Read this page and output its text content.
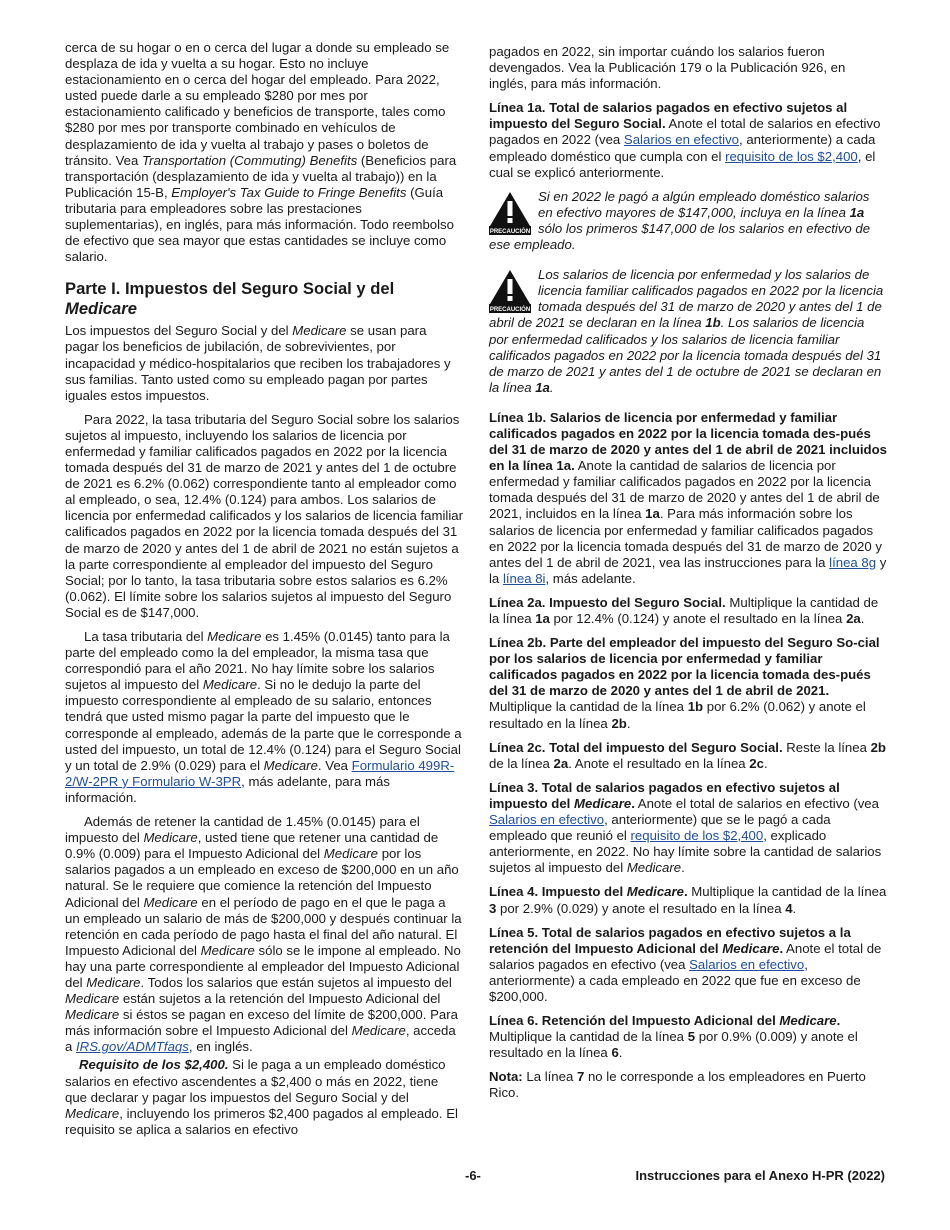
cerca de su hogar o en o cerca del lugar a donde su empleado se desplaza de ida y vuelta a su hogar. Esto no incluye estacionamiento en o cerca del hogar del empleado. Para 2022, usted puede darle a su empleado $280 por mes por estacionamiento calificado y beneficios de transporte, tales como $280 por mes por transporte combinado en vehículos de desplazamiento de ida y vuelta al trabajo y pases o boletos de tránsito. Vea Transportation (Commuting) Benefits (Beneficios para transportación (desplazamiento de ida y vuelta al trabajo)) en la Publicación 15-B, Employer's Tax Guide to Fringe Benefits (Guía tributaria para empleadores sobre las prestaciones suplementarias), en inglés, para más información. Todo reembolso de efectivo que sea mayor que estas cantidades se incluye como salario.

Parte I. Impuestos del Seguro Social y del Medicare

Los impuestos del Seguro Social y del Medicare se usan para pagar los beneficios de jubilación, de sobrevivientes, por incapacidad y médico-hospitalarios que reciben los trabajadores y sus familias. Tanto usted como su empleado pagan por partes iguales estos impuestos.

Para 2022, la tasa tributaria del Seguro Social sobre los salarios sujetos al impuesto, incluyendo los salarios de licencia por enfermedad y familiar calificados pagados en 2022 por la licencia tomada después del 31 de marzo de 2021 y antes del 1 de octubre de 2021 es 6.2% (0.062) correspondiente tanto al empleador como al empleado, o sea, 12.4% (0.124) para ambos. Los salarios de licencia por enfermedad calificados y los salarios de licencia familiar calificados pagados en 2022 por la licencia tomada después del 31 de marzo de 2020 y antes del 1 de abril de 2021 no están sujetos a la parte correspondiente al empleador del impuesto del Seguro Social; por lo tanto, la tasa tributaria sobre estos salarios es 6.2% (0.062). El límite sobre los salarios sujetos al impuesto del Seguro Social es de $147,000.

La tasa tributaria del Medicare es 1.45% (0.0145) tanto para la parte del empleado como la del empleador, la misma tasa que correspondió para el año 2021. No hay límite sobre los salarios sujetos al impuesto del Medicare. Si no le dedujo la parte del impuesto correspondiente al empleado de su salario, entonces tendrá que usted mismo pagar la parte del impuesto que le corresponde al empleado, además de la parte que le corresponde a usted del impuesto, un total de 12.4% (0.124) para el Seguro Social y un total de 2.9% (0.029) para el Medicare. Vea Formulario 499R-2/W-2PR y Formulario W-3PR, más adelante, para más información.

Además de retener la cantidad de 1.45% (0.0145) para el impuesto del Medicare, usted tiene que retener una cantidad de 0.9% (0.009) para el Impuesto Adicional del Medicare por los salarios pagados a un empleado en exceso de $200,000 en un año natural. Se le requiere que comience la retención del Impuesto Adicional del Medicare en el período de pago en el que le paga a un empleado un salario de más de $200,000 y después continuar la retención en cada período de pago hasta el final del año natural. El Impuesto Adicional del Medicare sólo se le impone al empleado. No hay una parte correspondiente al empleador del Impuesto Adicional del Medicare. Todos los salarios que están sujetos al impuesto del Medicare están sujetos a la retención del Impuesto Adicional del Medicare si éstos se pagan en exceso del límite de $200,000. Para más información sobre el Impuesto Adicional del Medicare, acceda a IRS.gov/ADMTfaqs, en inglés.

Requisito de los $2,400. Si le paga a un empleado doméstico salarios en efectivo ascendentes a $2,400 o más en 2022, tiene que declarar y pagar los impuestos del Seguro Social y del Medicare, incluyendo los primeros $2,400 pagados al empleado. El requisito se aplica a salarios en efectivo

pagados en 2022, sin importar cuándo los salarios fueron devengados. Vea la Publicación 179 o la Publicación 926, en inglés, para más información.

Línea 1a. Total de salarios pagados en efectivo sujetos al impuesto del Seguro Social. Anote el total de salarios en efectivo pagados en 2022 (vea Salarios en efectivo, anteriormente) a cada empleado doméstico que cumpla con el requisito de los $2,400, el cual se explicó anteriormente.

PRECAUCIÓN
Si en 2022 le pagó a algún empleado doméstico salarios en efectivo mayores de $147,000, incluya en la línea 1a sólo los primeros $147,000 de los salarios en efectivo de ese empleado.
PRECAUCIÓN
Los salarios de licencia por enfermedad y los salarios de licencia familiar calificados pagados en 2022 por la licencia tomada después del 31 de marzo de 2020 y antes del 1 de abril de 2021 se declaran en la línea 1b. Los salarios de licencia por enfermedad calificados y los salarios de licencia familiar calificados pagados en 2022 por la licencia tomada después del 31 de marzo de 2021 y antes del 1 de octubre de 2021 se declaran en la línea 1a.

Línea 1b. Salarios de licencia por enfermedad y familiar calificados pagados en 2022 por la licencia tomada des-pués del 31 de marzo de 2020 y antes del 1 de abril de 2021 incluidos en la línea 1a. Anote la cantidad de salarios de licencia por enfermedad y familiar calificados pagados en 2022 por la licencia tomada después del 31 de marzo de 2020 y antes del 1 de abril de 2021, incluidos en la línea 1a. Para más información sobre los salarios de licencia por enfermedad y familiar calificados pagados en 2022 por la licencia tomada después del 31 de marzo de 2020 y antes del 1 de abril de 2021, vea las instrucciones para la línea 8g y la línea 8i, más adelante.

Línea 2a. Impuesto del Seguro Social. Multiplique la cantidad de la línea 1a por 12.4% (0.124) y anote el resultado en la línea 2a.

Línea 2b. Parte del empleador del impuesto del Seguro So-cial por los salarios de licencia por enfermedad y familiar calificados pagados en 2022 por la licencia tomada des-pués del 31 de marzo de 2020 y antes del 1 de abril de 2021. Multiplique la cantidad de la línea 1b por 6.2% (0.062) y anote el resultado en la línea 2b.

Línea 2c. Total del impuesto del Seguro Social. Reste la línea 2b de la línea 2a. Anote el resultado en la línea 2c.

Línea 3. Total de salarios pagados en efectivo sujetos al impuesto del Medicare. Anote el total de salarios en efectivo (vea Salarios en efectivo, anteriormente) que se le pagó a cada empleado que reunió el requisito de los $2,400, explicado anteriormente, en 2022. No hay límite sobre la cantidad de salarios sujetos al impuesto del Medicare.

Línea 4. Impuesto del Medicare. Multiplique la cantidad de la línea 3 por 2.9% (0.029) y anote el resultado en la línea 4.

Línea 5. Total de salarios pagados en efectivo sujetos a la retención del Impuesto Adicional del Medicare. Anote el total de salarios pagados en efectivo (vea Salarios en efectivo, anteriormente) a cada empleado en 2022 que fue en exceso de $200,000.

Línea 6. Retención del Impuesto Adicional del Medicare. Multiplique la cantidad de la línea 5 por 0.9% (0.009) y anote el resultado en la línea 6.

Nota: La línea 7 no le corresponde a los empleadores en Puerto Rico.

-6-	Instrucciones para el Anexo H-PR (2022)
